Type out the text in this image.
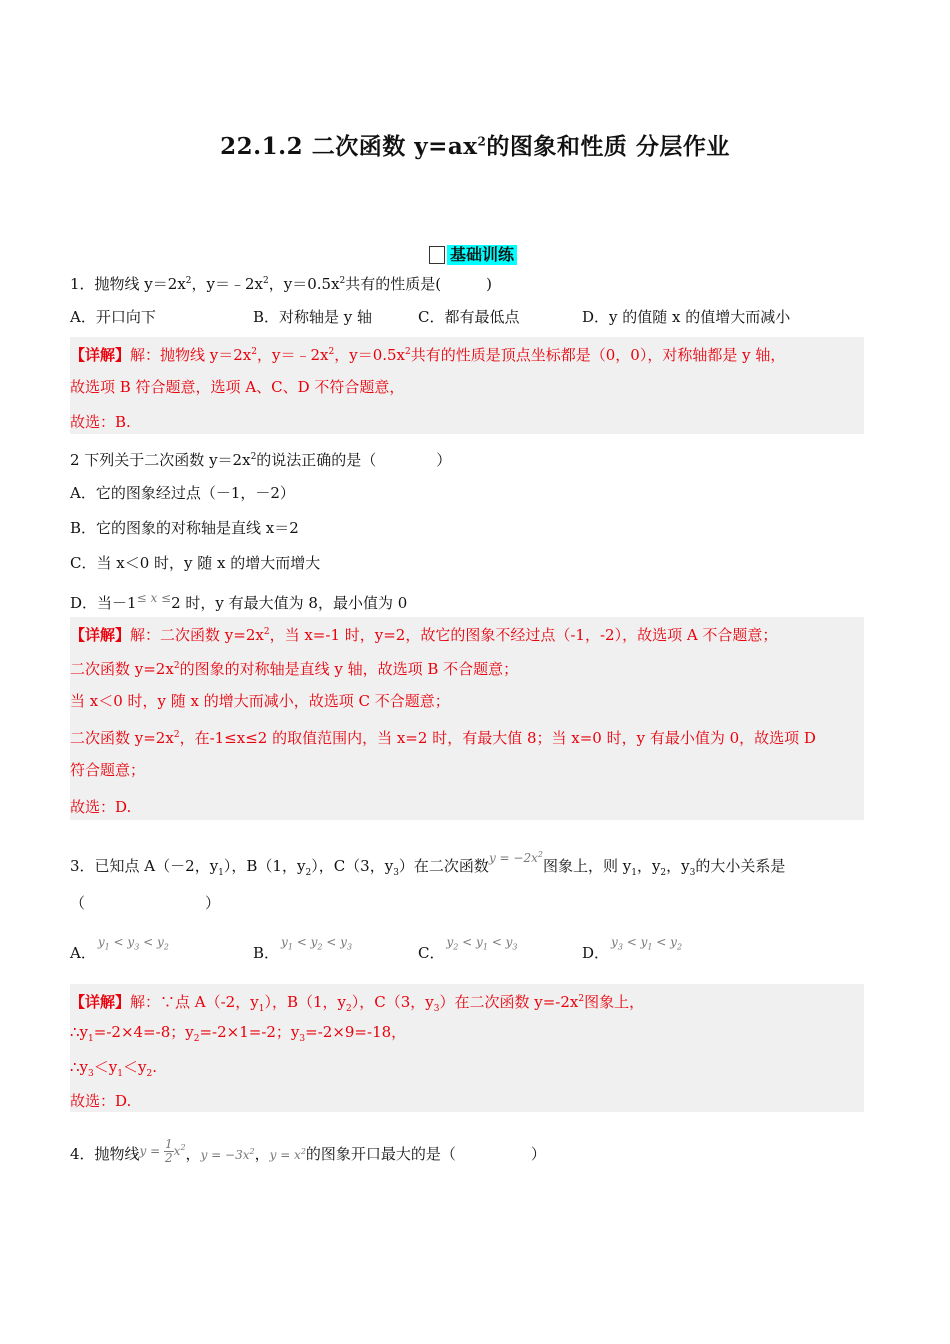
22.1.2 二次函数 $y=ax^2$的图象和性质 分层作业
基础训练
1．抛物线 $y=2x^2$，$y=﹣2x^2$，$y=0.5x^2$共有的性质是(　　　)
A．开口向下	B．对称轴是 y 轴	C．都有最低点	D．y 的值随 x 的值增大而减小
【详解】解：抛物线 $y=2x^2$，$y=﹣2x^2$，$y=0.5x^2$共有的性质是顶点坐标都是（0，0），对称轴都是 y 轴，
故选项 B 符合题意，选项 A、C、D 不符合题意，
故选：B.
2 下列关于二次函数 $y=2x^2$的说法正确的是（　　　　）
A．它的图象经过点（－1，－2）
B．它的图象的对称轴是直线 x＝2
C．当 x＜0 时，y 随 x 的增大而增大
D．当$-1^{\le x \le}2$ 时，y 有最大值为 8，最小值为 0
【详解】解：二次函数 $y=2x^2$，当 x=-1 时，y=2，故它的图象不经过点（-1，-2），故选项 A 不合题意；
二次函数 $y=2x^2$的图象的对称轴是直线 y 轴，故选项 B 不合题意；
当 x＜0 时，y 随 x 的增大而减小，故选项 C 不合题意；
二次函数 $y=2x^2$，在-1≤x≤2 的取值范围内，当 x=2 时，有最大值 8；当 x=0 时，y 有最小值为 0，故选项 D
符合题意；
故选：D.
3．已知点 A（－2，$y_1$），B（1，$y_2$），C（3，$y_3$）在二次函数$^{y = -2x^2}$图象上，则 $y_1$，$y_2$，$y_3$的大小关系是
（　　　　　　　　）
A．$^{y_1 < y_3 < y_2}$	B．$^{y_1 < y_2 < y_3}$	C．$^{y_2 < y_1 < y_3}$	D．$^{y_3 < y_1 < y_2}$
【详解】解：∵点 A（-2，$y_1$），B（1，$y_2$），C（3，$y_3$）在二次函数 $y=-2x^2$图象上，
$\therefore y_1=-2\times 4=-8$；$y_2=-2\times 1=-2$；$y_3=-2\times 9=-18$，
$\therefore y_3<y_1<y_2$.
故选：D.
4．抛物线$^{y = \frac{1}{2} x^2}$，$y = -3x^2$，$y = x^2$的图象开口最大的是（　　　　　）
